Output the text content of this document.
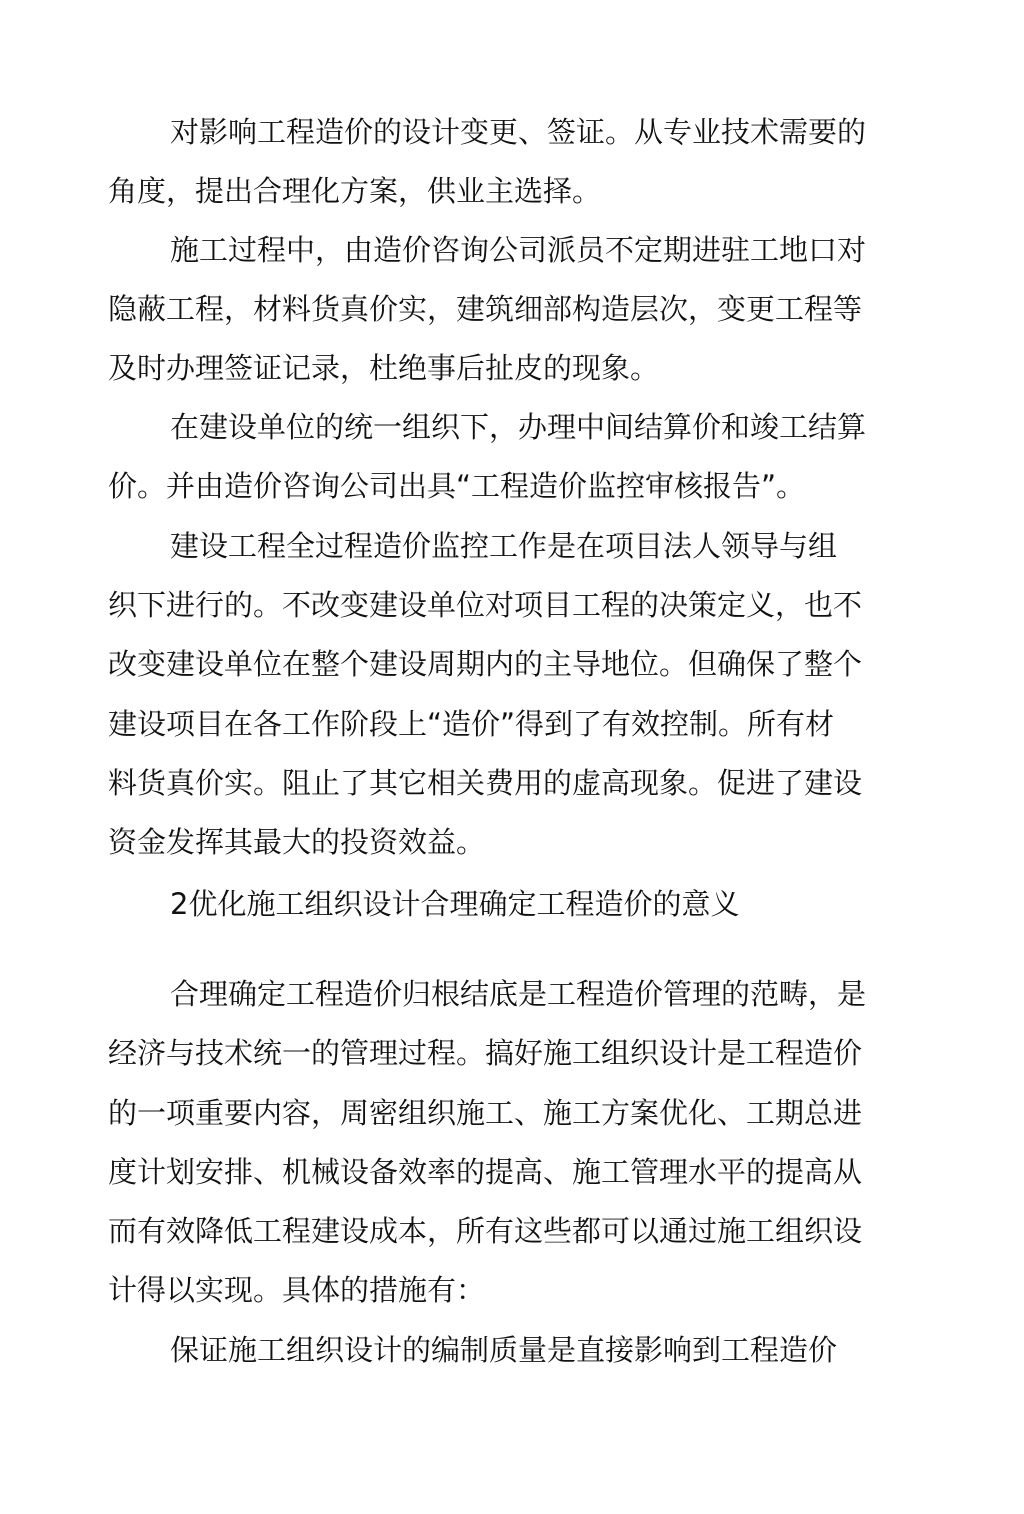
对影响工程造价的设计变更、签证。从专业技术需要的
角度，提出合理化方案，供业主选择。
施工过程中，由造价咨询公司派员不定期进驻工地口对
隐蔽工程，材料货真价实，建筑细部构造层次，变更工程等
及时办理签证记录，杜绝事后扯皮的现象。
在建设单位的统一组织下，办理中间结算价和竣工结算
价。并由造价咨询公司出具“工程造价监控审核报告”。
建设工程全过程造价监控工作是在项目法人领导与组
织下进行的。不改变建设单位对项目工程的决策定义，也不
改变建设单位在整个建设周期内的主导地位。但确保了整个
建设项目在各工作阶段上“造价”得到了有效控制。所有材
料货真价实。阻止了其它相关费用的虚高现象。促进了建设
资金发挥其最大的投资效益。
2优化施工组织设计合理确定工程造价的意义
合理确定工程造价归根结底是工程造价管理的范畴，是
经济与技术统一的管理过程。搞好施工组织设计是工程造价
的一项重要内容，周密组织施工、施工方案优化、工期总进
度计划安排、机械设备效率的提高、施工管理水平的提高从
而有效降低工程建设成本，所有这些都可以通过施工组织设
计得以实现。具体的措施有：
保证施工组织设计的编制质量是直接影响到工程造价
